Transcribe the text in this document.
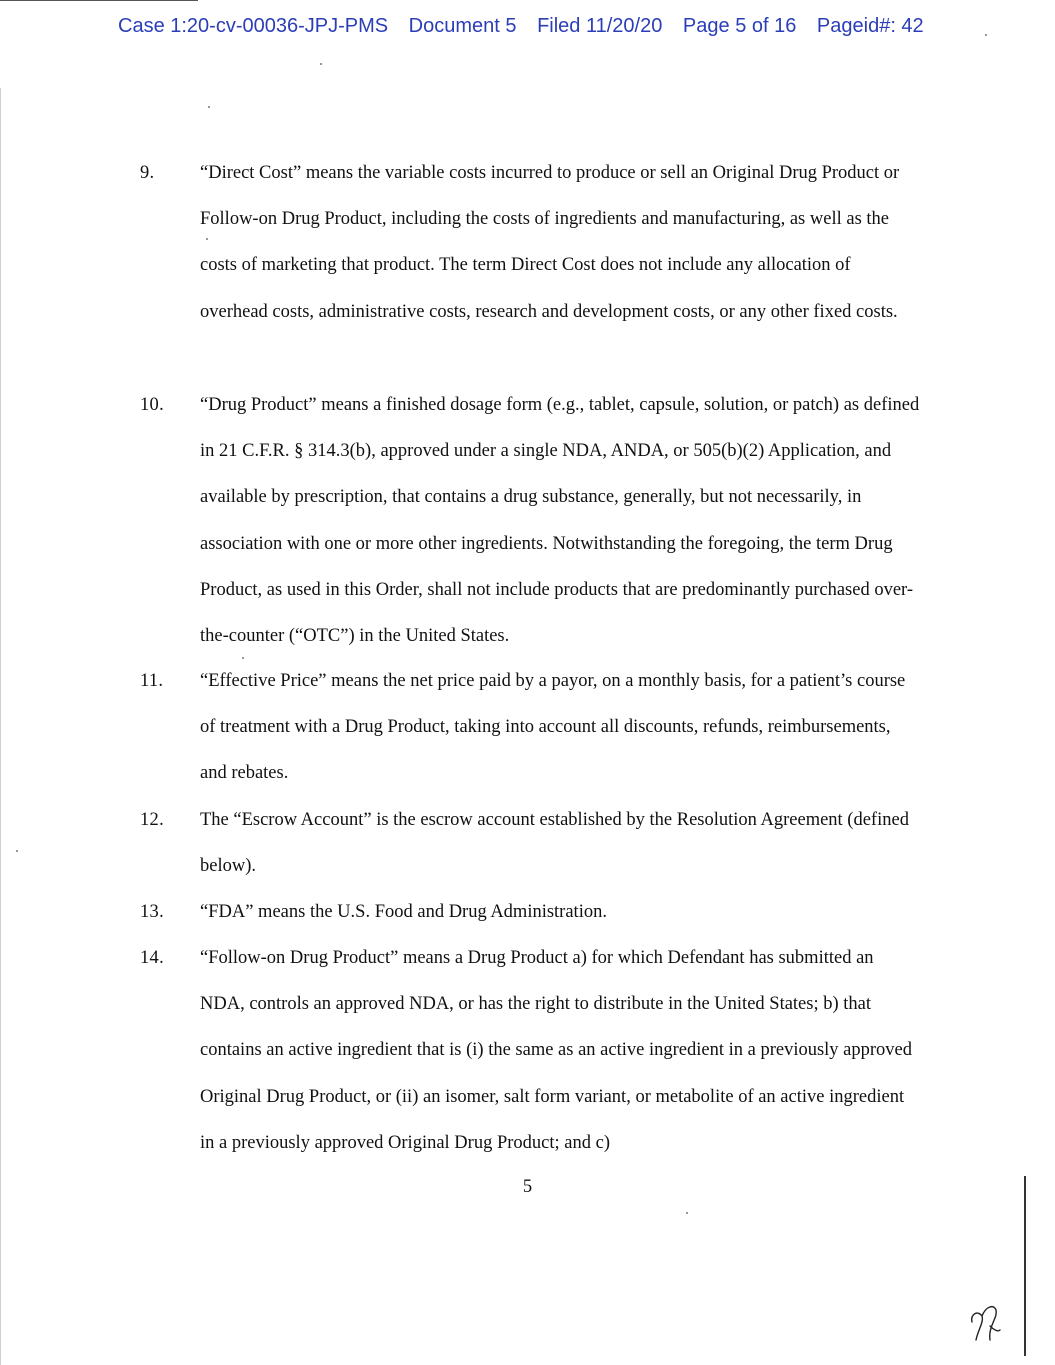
Case 1:20-cv-00036-JPJ-PMS Document 5 Filed 11/20/20 Page 5 of 16 Pageid#: 42
9. “Direct Cost” means the variable costs incurred to produce or sell an Original Drug Product or Follow-on Drug Product, including the costs of ingredients and manufacturing, as well as the costs of marketing that product. The term Direct Cost does not include any allocation of overhead costs, administrative costs, research and development costs, or any other fixed costs.
10. “Drug Product” means a finished dosage form (e.g., tablet, capsule, solution, or patch) as defined in 21 C.F.R. § 314.3(b), approved under a single NDA, ANDA, or 505(b)(2) Application, and available by prescription, that contains a drug substance, generally, but not necessarily, in association with one or more other ingredients. Notwithstanding the foregoing, the term Drug Product, as used in this Order, shall not include products that are predominantly purchased over-the-counter (“OTC”) in the United States.
11. “Effective Price” means the net price paid by a payor, on a monthly basis, for a patient’s course of treatment with a Drug Product, taking into account all discounts, refunds, reimbursements, and rebates.
12. The “Escrow Account” is the escrow account established by the Resolution Agreement (defined below).
13. “FDA” means the U.S. Food and Drug Administration.
14. “Follow-on Drug Product” means a Drug Product a) for which Defendant has submitted an NDA, controls an approved NDA, or has the right to distribute in the United States; b) that contains an active ingredient that is (i) the same as an active ingredient in a previously approved Original Drug Product, or (ii) an isomer, salt form variant, or metabolite of an active ingredient in a previously approved Original Drug Product; and c)
5
